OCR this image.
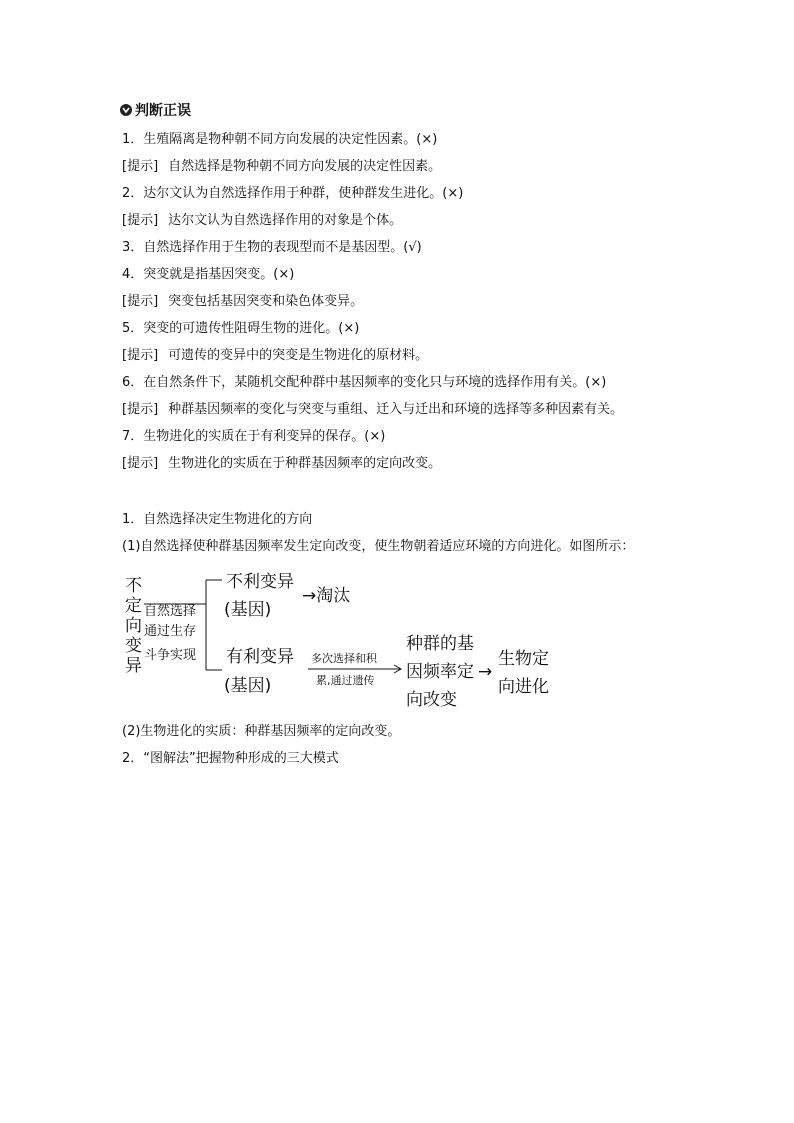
判断正误
1．生殖隔离是物种朝不同方向发展的决定性因素。(×)
[提示] 自然选择是物种朝不同方向发展的决定性因素。
2．达尔文认为自然选择作用于种群，使种群发生进化。(×)
[提示] 达尔文认为自然选择作用的对象是个体。
3．自然选择作用于生物的表现型而不是基因型。(√)
4．突变就是指基因突变。(×)
[提示] 突变包括基因突变和染色体变异。
5．突变的可遗传性阻碍生物的进化。(×)
[提示] 可遗传的变异中的突变是生物进化的原材料。
6．在自然条件下，某随机交配种群中基因频率的变化只与环境的选择作用有关。(×)
[提示] 种群基因频率的变化与突变与重组、迁入与迁出和环境的选择等多种因素有关。
7．生物进化的实质在于有利变异的保存。(×)
[提示] 生物进化的实质在于种群基因频率的定向改变。
1．自然选择决定生物进化的方向
(1)自然选择使种群基因频率发生定向改变，使生物朝着适应环境的方向进化。如图所示：
不
定
向
变
异
自然选择
通过生存
斗争实现
不利变异
(基因)
→淘汰
有利变异
(基因)
多次选择和积
累,通过遗传
种群的基
因频率定
向改变
→
生物定
向进化
(2)生物进化的实质：种群基因频率的定向改变。
2．“图解法”把握物种形成的三大模式
